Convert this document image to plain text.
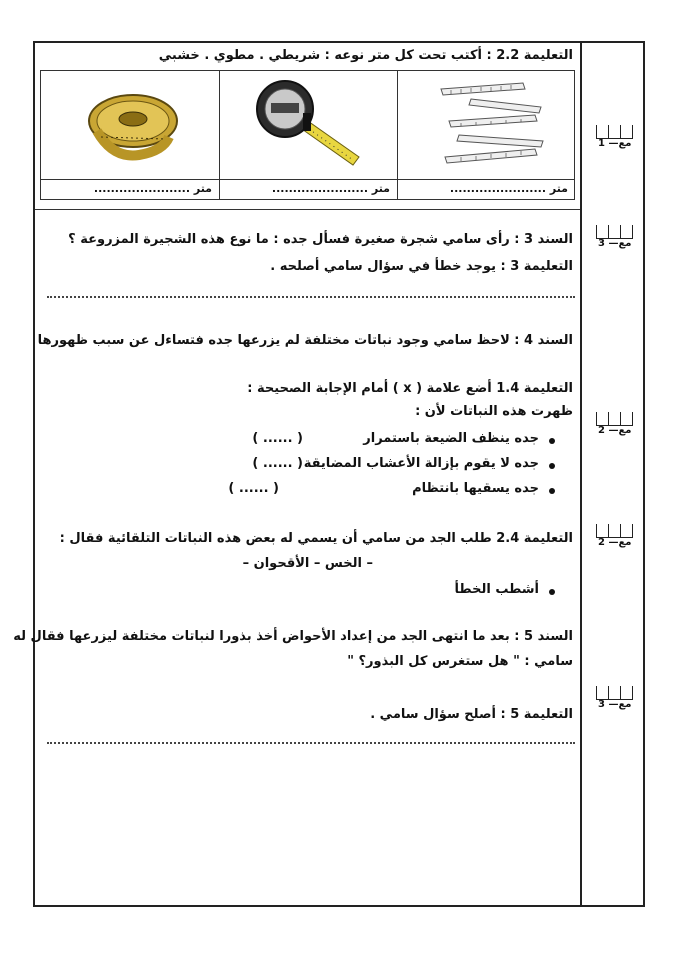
التعليمة 2.2 : أكتب تحت كل متر نوعه : شريطي . مطوي . خشبي
متر .......................
متر .......................
متر .......................
السند 3 : رأى سامي شجرة صغيرة فسأل جده : ما نوع هذه الشجيرة المزروعة ؟
التعليمة 3 : يوجد خطأ في سؤال سامي أصلحه .
السند 4 : لاحظ سامي وجود نباتات مختلفة لم يزرعها جده فتساءل عن سبب ظهورها
التعليمة 1.4 أضع علامة ( x ) أمام الإجابة الصحيحة :
ظهرت هذه النباتات لأن :
جده ينظف الضيعة باستمرار
( ...... )
جده لا يقوم بإزالة الأعشاب المضايقة
( ...... )
جده يسقيها بانتظام
( ...... )
التعليمة 2.4 طلب الجد من سامي أن يسمي له بعض هذه النباتات التلقائية فقال :
– الخس – الأقحوان –
أشطب الخطأ
السند 5 : بعد ما انتهى الجد من إعداد الأحواض أخذ بذورا لنباتات مختلفة ليزرعها فقال له
سامي : " هل ستغرس كل البذور؟ "
التعليمة 5 : أصلح سؤال سامي .
مع— 1
مع— 3
مع— 2
مع— 2
مع— 3
